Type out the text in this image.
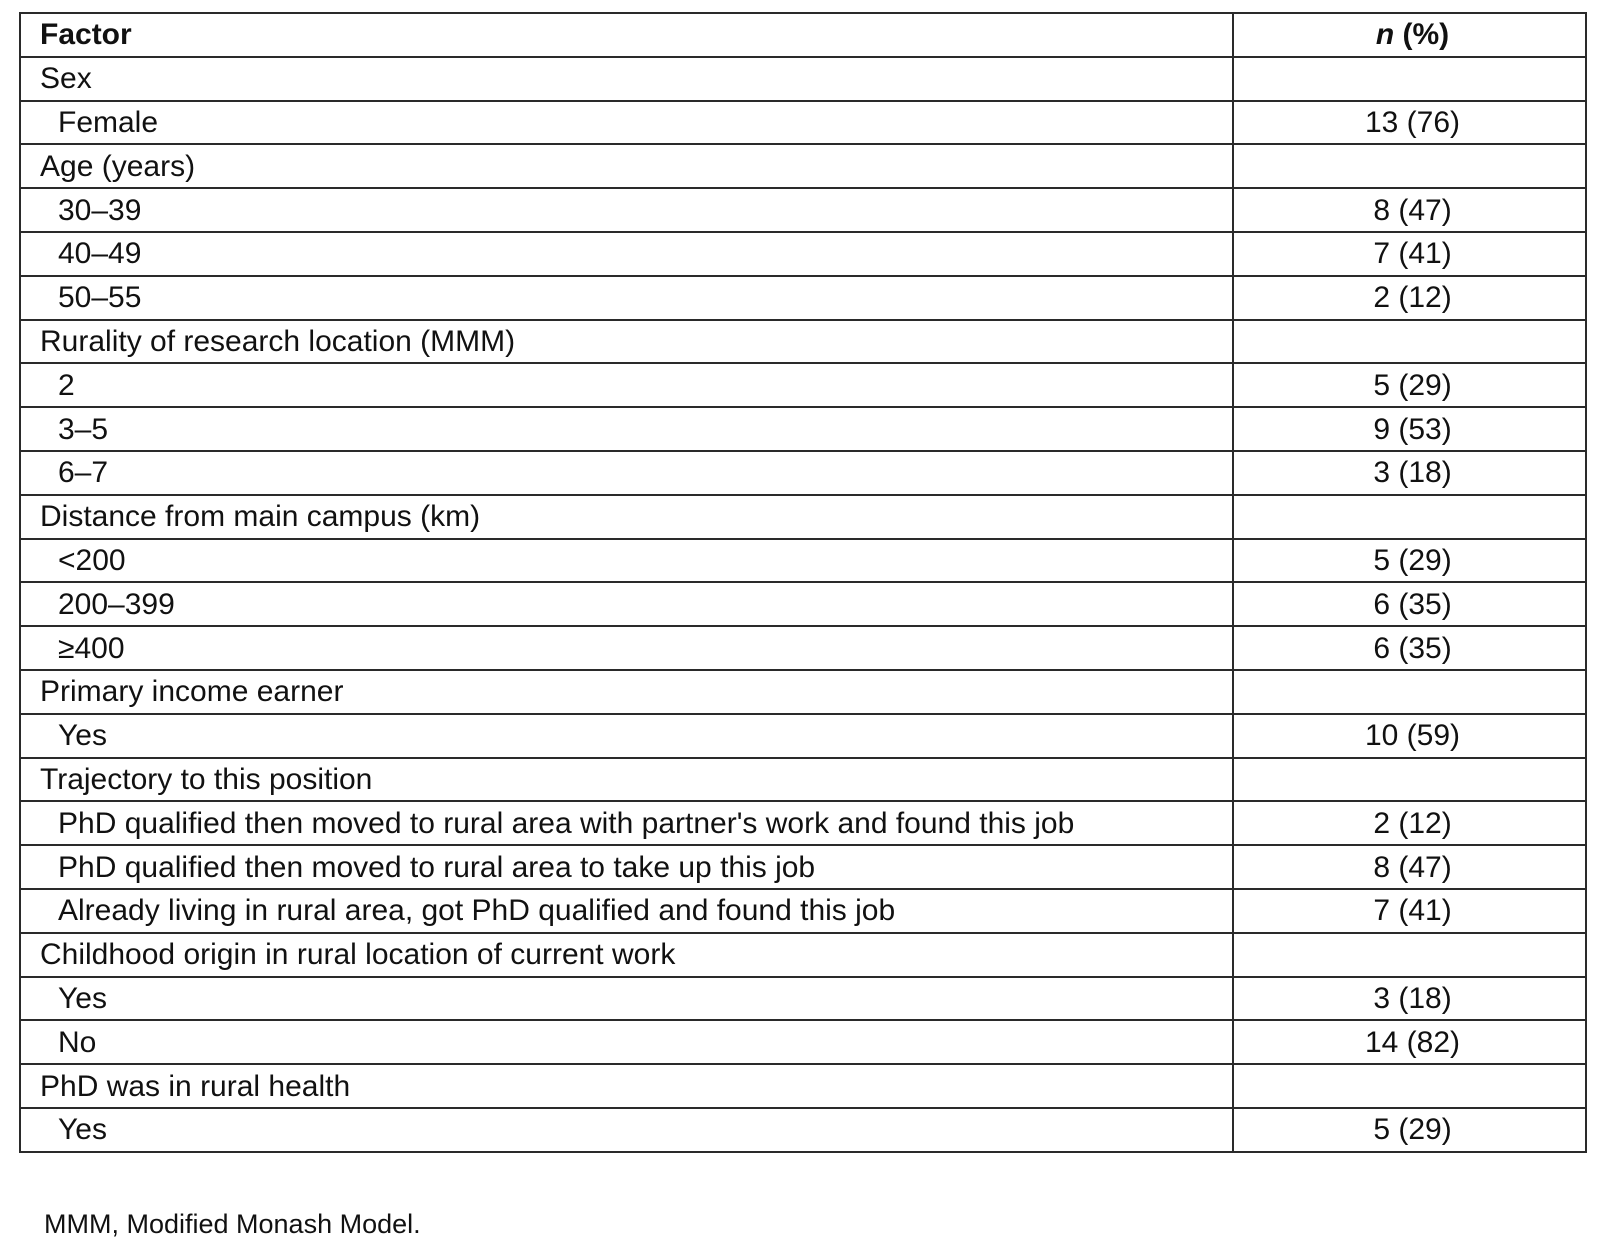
Factor	n (%)
Sex	
Female	13 (76)
Age (years)	
30–39	8 (47)
40–49	7 (41)
50–55	2 (12)
Rurality of research location (MMM)	
2	5 (29)
3–5	9 (53)
6–7	3 (18)
Distance from main campus (km)	
<200	5 (29)
200–399	6 (35)
≥400	6 (35)
Primary income earner	
Yes	10 (59)
Trajectory to this position	
PhD qualified then moved to rural area with partner's work and found this job	2 (12)
PhD qualified then moved to rural area to take up this job	8 (47)
Already living in rural area, got PhD qualified and found this job	7 (41)
Childhood origin in rural location of current work	
Yes	3 (18)
No	14 (82)
PhD was in rural health	
Yes	5 (29)
MMM, Modified Monash Model.
